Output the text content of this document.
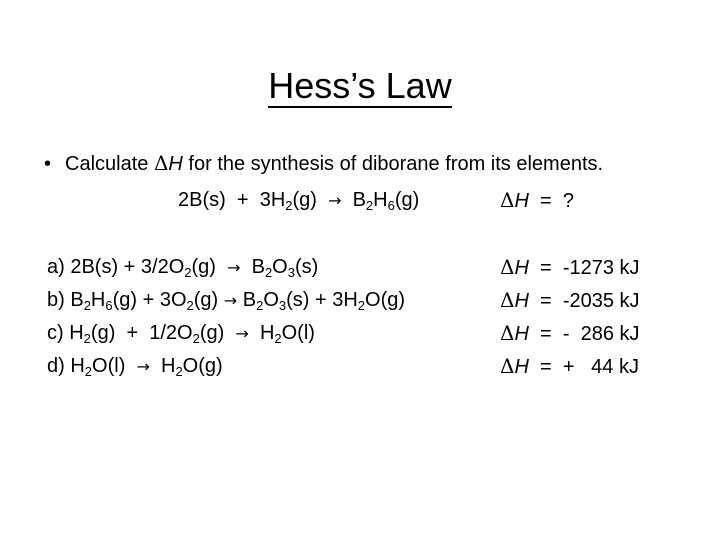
Hess’s Law
• Calculate ΔH for the synthesis of diborane from its elements.
$2B(s) + 3H_2(g) \to B_2H_6(g)$	ΔH  =  ?
a) $2B(s) + 3/2O_2(g) \to B_2O_3(s)$
b) $B_2H_6(g) + 3O_2(g) \to B_2O_3(s) + 3H_2O(g)$
c) $H_2(g) + 1/2O_2(g) \to H_2O(l)$
d) $H_2O(l) \to H_2O(g)$
ΔH  =  -1273 kJ
ΔH  =  -2035 kJ
ΔH  =  -  286 kJ
ΔH  =  +   44 kJ
